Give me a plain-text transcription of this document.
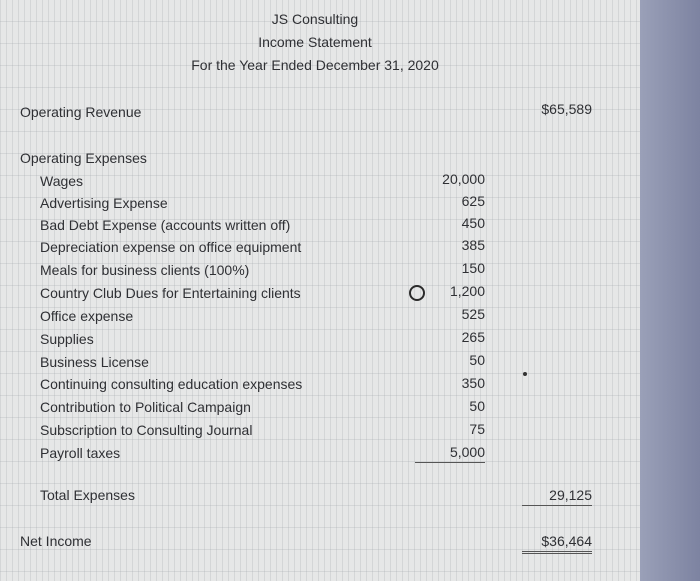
JS Consulting
Income Statement
For the Year Ended December 31, 2020
Operating Revenue	$65,589
Operating Expenses
Wages	20,000
Advertising Expense	625
Bad Debt Expense (accounts written off)	450
Depreciation expense on office equipment	385
Meals for business clients (100%)	150
Country Club Dues for Entertaining clients	1,200
Office expense	525
Supplies	265
Business License	50
Continuing consulting education expenses	350
Contribution to Political Campaign	50
Subscription to Consulting Journal	75
Payroll taxes	5,000
Total Expenses	29,125
Net Income	$36,464
